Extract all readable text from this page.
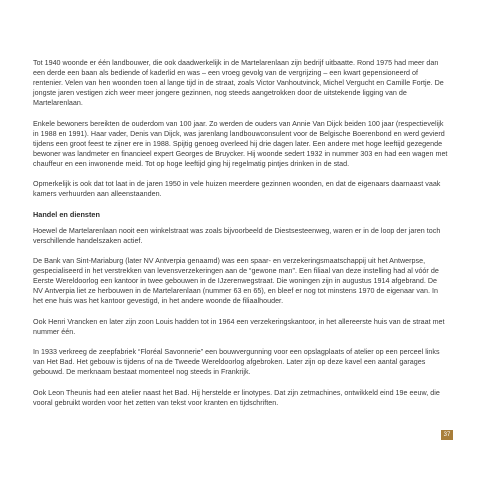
Tot 1940 woonde er één landbouwer, die ook daadwerkelijk in de Martelarenlaan zijn bedrijf uitbaatte. Rond 1975 had meer dan een derde een baan als bediende of kaderlid en was – een vroeg gevolg van de vergrijzing – een kwart gepensioneerd of rentenier. Velen van hen woonden toen al lange tijd in de straat, zoals Victor Vanhoutvinck, Michel Vergucht en Camille Fortje. De jongste jaren vestigen zich weer meer jongere gezinnen, nog steeds aangetrokken door de uitstekende ligging van de Martelarenlaan.

Enkele bewoners bereikten de ouderdom van 100 jaar. Zo werden de ouders van Annie Van Dijck beiden 100 jaar (respectievelijk in 1988 en 1991). Haar vader, Denis van Dijck, was jarenlang landbouwconsulent voor de Belgische Boerenbond en werd gevierd tijdens een groot feest te zijner ere in 1988. Spijtig genoeg overleed hij drie dagen later. Een andere met hoge leeftijd gezegende bewoner was landmeter en financieel expert Georges de Bruycker. Hij woonde sedert 1932 in nummer 303 en had een wagen met chauffeur en een inwonende meid. Tot op hoge leeftijd ging hij regelmatig pintjes drinken in de stad.

Opmerkelijk is ook dat tot laat in de jaren 1950 in vele huizen meerdere gezinnen woonden, en dat de eigenaars daarnaast vaak kamers verhuurden aan alleenstaanden.

Handel en diensten

Hoewel de Martelarenlaan nooit een winkelstraat was zoals bijvoorbeeld de Diestsesteenweg, waren er in de loop der jaren toch verschillende handelszaken actief.

De Bank van Sint-Mariaburg (later NV Antverpia genaamd) was een spaar- en verzekeringsmaatschappij uit het Antwerpse, gespecialiseerd in het verstrekken van levensverzekeringen aan de “gewone man”. Een filiaal van deze instelling had al vóór de Eerste Wereldoorlog een kantoor in twee gebouwen in de IJzerenwegstraat. Die woningen zijn in augustus 1914 afgebrand. De NV Antverpia liet ze herbouwen in de Martelarenlaan (nummer 63 en 65), en bleef er nog tot minstens 1970 de eigenaar van. In het ene huis was het kantoor gevestigd, in het andere woonde de filiaalhouder.

Ook Henri Vrancken en later zijn zoon Louis hadden tot in 1964 een verzekeringskantoor, in het allereerste huis van de straat met nummer één.

In 1933 verkreeg de zeepfabriek “Floréal Savonnerie” een bouwvergunning voor een opslagplaats of atelier op een perceel links van Het Bad. Het gebouw is tijdens of na de Tweede Wereldoorlog afgebroken. Later zijn op deze kavel een aantal garages gebouwd. De merknaam bestaat momenteel nog steeds in Frankrijk.

Ook Leon Theunis had een atelier naast het Bad. Hij herstelde er linotypes. Dat zijn zetmachines, ontwikkeld eind 19e eeuw, die vooral gebruikt worden voor het zetten van tekst voor kranten en tijdschriften.

37
